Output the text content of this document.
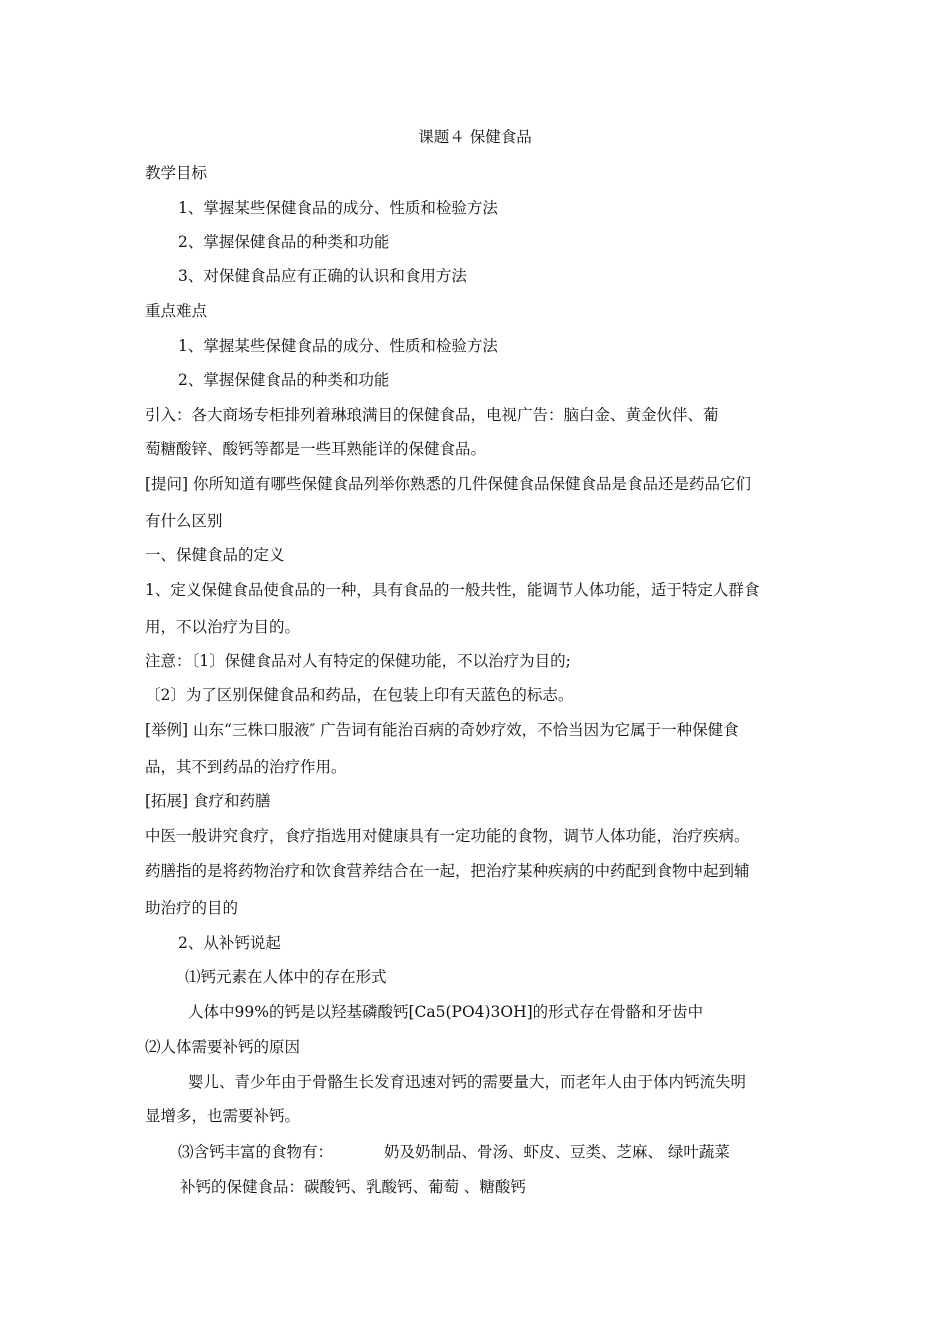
课题４ 保健食品
教学目标
1、掌握某些保健食品的成分、性质和检验方法
2、掌握保健食品的种类和功能
3、对保健食品应有正确的认识和食用方法
重点难点
1、掌握某些保健食品的成分、性质和检验方法
2、掌握保健食品的种类和功能
引入：各大商场专柜排列着琳琅满目的保健食品，电视广告：脑白金、黄金伙伴、葡
萄糖酸锌、酸钙等都是一些耳熟能详的保健食品。
[提问] 你所知道有哪些保健食品列举你熟悉的几件保健食品保健食品是食品还是药品它们
有什么区别
一、保健食品的定义
1、定义保健食品使食品的一种，具有食品的一般共性，能调节人体功能，适于特定人群食
用，不以治疗为目的。
注意：〔1〕保健食品对人有特定的保健功能，不以治疗为目的;
〔2〕为了区别保健食品和药品，在包装上印有天蓝色的标志。
[举例] 山东“三株口服液″ 广告词有能治百病的奇妙疗效，不恰当因为它属于一种保健食
品，其不到药品的治疗作用。
[拓展] 食疗和药膳
中医一般讲究食疗，食疗指选用对健康具有一定功能的食物，调节人体功能，治疗疾病。
药膳指的是将药物治疗和饮食营养结合在一起，把治疗某种疾病的中药配到食物中起到辅
助治疗的目的
2、从补钙说起
⑴钙元素在人体中的存在形式
人体中99%的钙是以羟基磷酸钙[Ca5(PO4)3OH]的形式存在骨骼和牙齿中
⑵人体需要补钙的原因
婴儿、青少年由于骨骼生长发育迅速对钙的需要量大，而老年人由于体内钙流失明
显增多，也需要补钙。
⑶含钙丰富的食物有：	奶及奶制品、骨汤、虾皮、豆类、芝麻、 绿叶蔬菜
补钙的保健食品：碳酸钙、乳酸钙、葡萄 、糖酸钙
